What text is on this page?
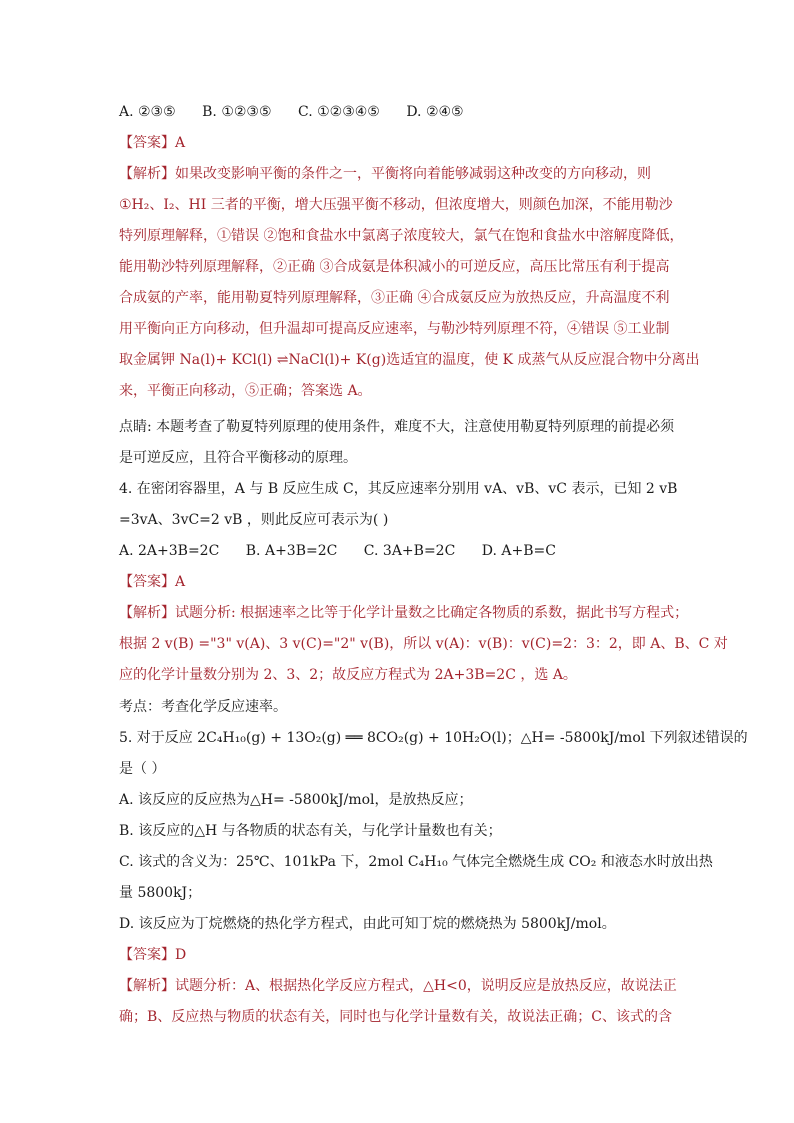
A. ②③⑤ B. ①②③⑤ C. ①②③④⑤ D. ②④⑤
【答案】A
【解析】如果改变影响平衡的条件之一，平衡将向着能够减弱这种改变的方向移动，则
①H₂、I₂、HI 三者的平衡，增大压强平衡不移动，但浓度增大，则颜色加深，不能用勒沙
特列原理解释，①错误 ②饱和食盐水中氯离子浓度较大，氯气在饱和食盐水中溶解度降低，
能用勒沙特列原理解释，②正确 ③合成氨是体积减小的可逆反应，高压比常压有利于提高
合成氨的产率，能用勒夏特列原理解释，③正确 ④合成氨反应为放热反应，升高温度不利
用平衡向正方向移动，但升温却可提高反应速率，与勒沙特列原理不符，④错误 ⑤工业制
取金属钾 Na(l)+ KCl(l) ⇌NaCl(l)+ K(g)选适宜的温度，使 K 成蒸气从反应混合物中分离出
来，平衡正向移动，⑤正确；答案选 A。
点睛: 本题考查了勒夏特列原理的使用条件，难度不大，注意使用勒夏特列原理的前提必须
是可逆反应，且符合平衡移动的原理。
4. 在密闭容器里，A 与 B 反应生成 C，其反应速率分别用 vA、vB、vC 表示，已知 2 vB
=3vA、3vC=2 vB ，则此反应可表示为( )
A. 2A+3B=2C B. A+3B=2C C. 3A+B=2C D. A+B=C
【答案】A
【解析】试题分析: 根据速率之比等于化学计量数之比确定各物质的系数，据此书写方程式；
根据 2 v(B) ="3" v(A)、3 v(C)="2" v(B)，所以 v(A)：v(B)：v(C)=2：3：2，即 A、B、C 对
应的化学计量数分别为 2、3、2；故反应方程式为 2A+3B=2C ，选 A。
考点：考查化学反应速率。
5. 对于反应 2C₄H₁₀(g) + 13O₂(g) ══ 8CO₂(g) + 10H₂O(l)；△H= -5800kJ/mol 下列叙述错误的
是（ ）
A. 该反应的反应热为△H= -5800kJ/mol，是放热反应；
B. 该反应的△H 与各物质的状态有关，与化学计量数也有关；
C. 该式的含义为：25℃、101kPa 下，2mol C₄H₁₀ 气体完全燃烧生成 CO₂ 和液态水时放出热
量 5800kJ；
D. 该反应为丁烷燃烧的热化学方程式，由此可知丁烷的燃烧热为 5800kJ/mol。
【答案】D
【解析】试题分析：A、根据热化学反应方程式，△H<0，说明反应是放热反应，故说法正
确；B、反应热与物质的状态有关，同时也与化学计量数有关，故说法正确；C、该式的含
